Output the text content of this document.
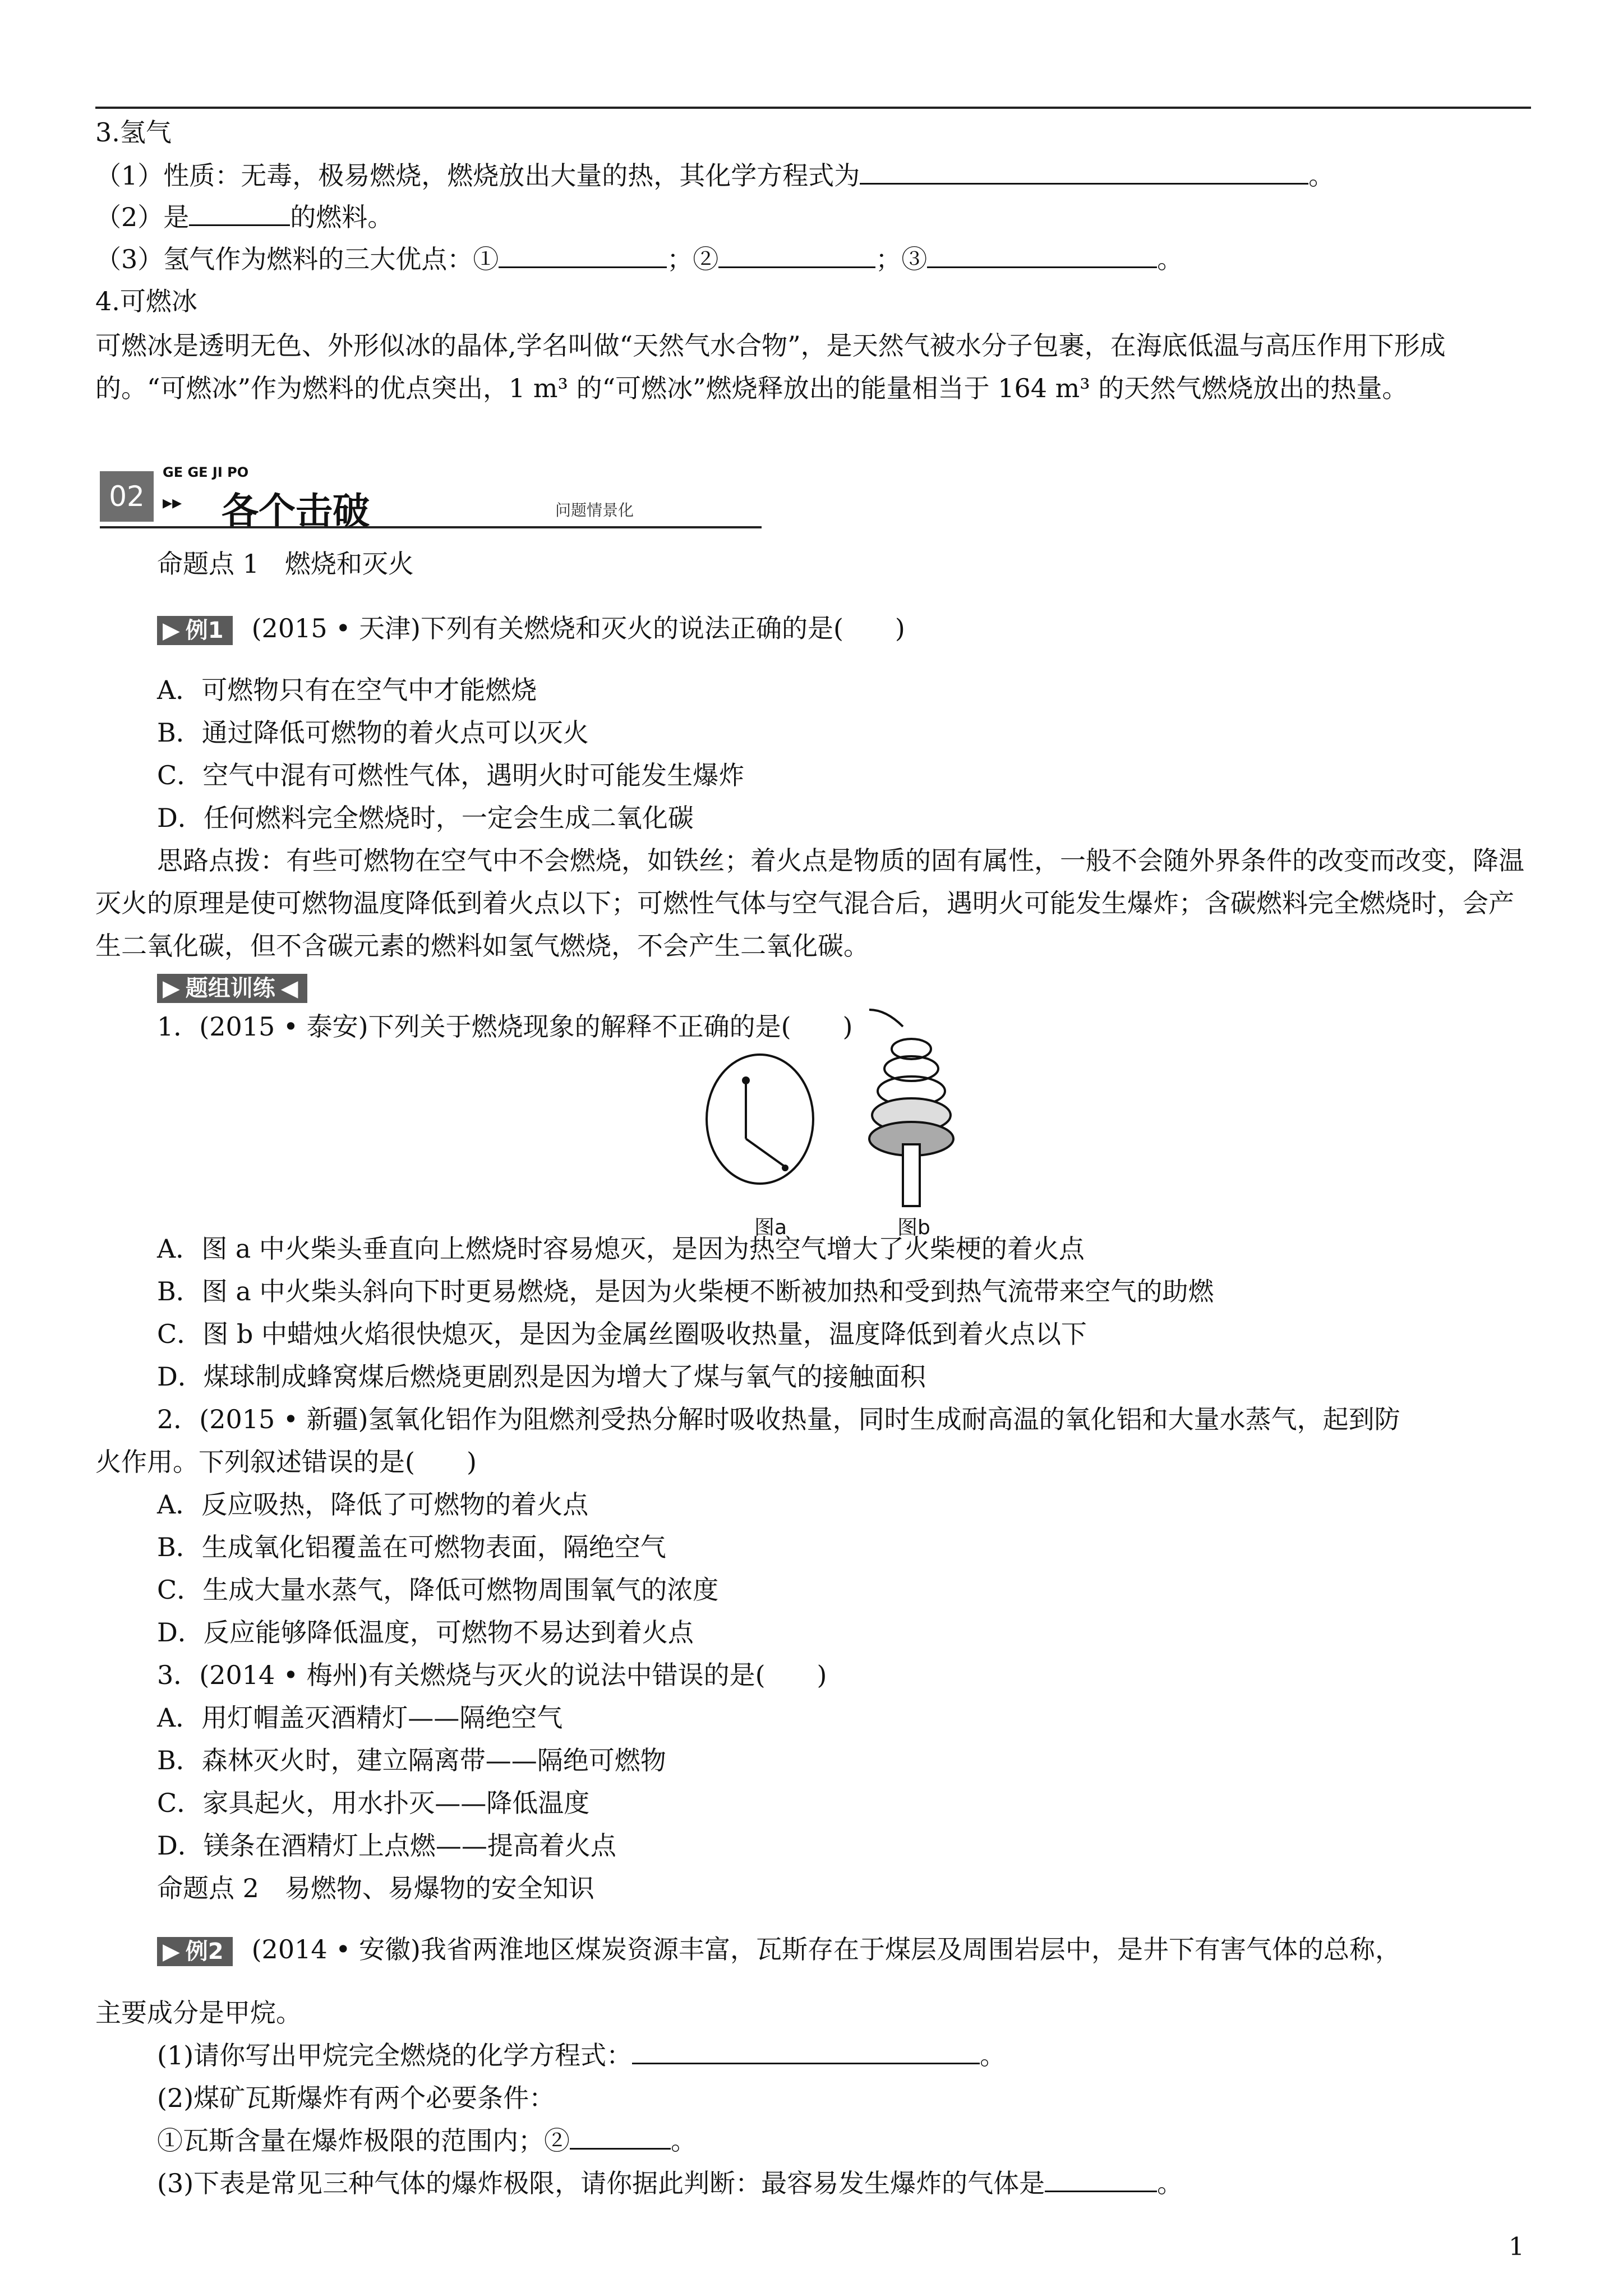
3.氢气
（1）性质：无毒，极易燃烧，燃烧放出大量的热，其化学方程式为	。
（2）是	的燃料。
（3）氢气作为燃料的三大优点：①	；②	；③	。
4.可燃冰
可燃冰是透明无色、外形似冰的晶体,学名叫做“天然气水合物”，是天然气被水分子包裹，在海底低温与高压作用下形成的。“可燃冰”作为燃料的优点突出，1 m³ 的“可燃冰”燃烧释放出的能量相当于 164 m³ 的天然气燃烧放出的热量。
02
GE GE JI PO
▸▸ 各个击破	问题情景化
命题点 1　燃烧和灭火
▶ 例1 (2015 • 天津)下列有关燃烧和灭火的说法正确的是(　　)
A．可燃物只有在空气中才能燃烧
B．通过降低可燃物的着火点可以灭火
C．空气中混有可燃性气体，遇明火时可能发生爆炸
D．任何燃料完全燃烧时，一定会生成二氧化碳
思路点拨：有些可燃物在空气中不会燃烧，如铁丝；着火点是物质的固有属性，一般不会随外界条件的改变而改变，降温灭火的原理是使可燃物温度降低到着火点以下；可燃性气体与空气混合后，遇明火可能发生爆炸；含碳燃料完全燃烧时，会产生二氧化碳，但不含碳元素的燃料如氢气燃烧，不会产生二氧化碳。
▶ 题组训练 ◀
1．(2015 • 泰安)下列关于燃烧现象的解释不正确的是(　　)
图a	图b
A．图 a 中火柴头垂直向上燃烧时容易熄灭，是因为热空气增大了火柴梗的着火点
B．图 a 中火柴头斜向下时更易燃烧，是因为火柴梗不断被加热和受到热气流带来空气的助燃
C．图 b 中蜡烛火焰很快熄灭，是因为金属丝圈吸收热量，温度降低到着火点以下
D．煤球制成蜂窝煤后燃烧更剧烈是因为增大了煤与氧气的接触面积
2．(2015 • 新疆)氢氧化铝作为阻燃剂受热分解时吸收热量，同时生成耐高温的氧化铝和大量水蒸气，起到防
火作用。下列叙述错误的是(　　)
A．反应吸热，降低了可燃物的着火点
B．生成氧化铝覆盖在可燃物表面，隔绝空气
C．生成大量水蒸气，降低可燃物周围氧气的浓度
D．反应能够降低温度，可燃物不易达到着火点
3．(2014 • 梅州)有关燃烧与灭火的说法中错误的是(　　)
A．用灯帽盖灭酒精灯——隔绝空气
B．森林灭火时，建立隔离带——隔绝可燃物
C．家具起火，用水扑灭——降低温度
D．镁条在酒精灯上点燃——提高着火点
命题点 2　易燃物、易爆物的安全知识
▶ 例2 (2014 • 安徽)我省两淮地区煤炭资源丰富，瓦斯存在于煤层及周围岩层中，是井下有害气体的总称，
主要成分是甲烷。
(1)请你写出甲烷完全燃烧的化学方程式：	。
(2)煤矿瓦斯爆炸有两个必要条件：
①瓦斯含量在爆炸极限的范围内；②	。
(3)下表是常见三种气体的爆炸极限，请你据此判断：最容易发生爆炸的气体是	。
1
